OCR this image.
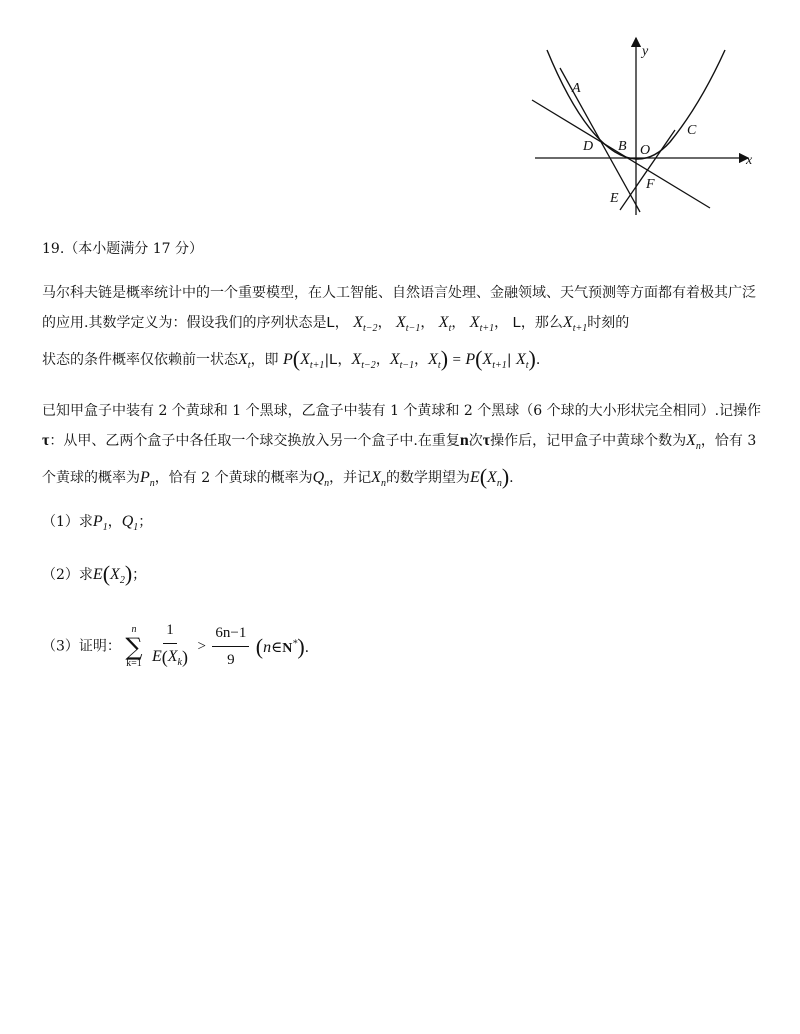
A
B
C
D
E
F
O
x
y
19.（本小题满分 17 分）
马尔科夫链是概率统计中的一个重要模型，在人工智能、自然语言处理、金融领域、天气预测等方面都有着极其广泛的应用.其数学定义为：假设我们的序列状态是L， $X_{t-2}$， $X_{t-1}$， $X_t$， $X_{t+1}$， L，那么$X_{t+1}$时刻的
状态的条件概率仅依赖前一状态$X_t$，即 $P(X_{t+1}|L$，$X_{t-2}$，$X_{t-1}$，$X_t) = P(X_{t+1}|$ $X_t$).
已知甲盒子中装有 2 个黄球和 1 个黑球，乙盒子中装有 1 个黄球和 2 个黑球（6 个球的大小形状完全相同）.记操作τ：从甲、乙两个盒子中各任取一个球交换放入另一个盒子中.在重复n次τ操作后，记甲盒子中黄球个数为$X_n$，恰有 3 个黄球的概率为$P_n$，恰有 2 个黄球的概率为$Q_n$，并记$X_n$的数学期望为$E(X_n)$.
（1）求$P_1$，$Q_1$；
（2）求$E(X_2)$；
（3）证明：
n
∑
k=1
$\frac{1}{E(X_k)} > \frac{6n-1}{9}$ (n∈N*).
